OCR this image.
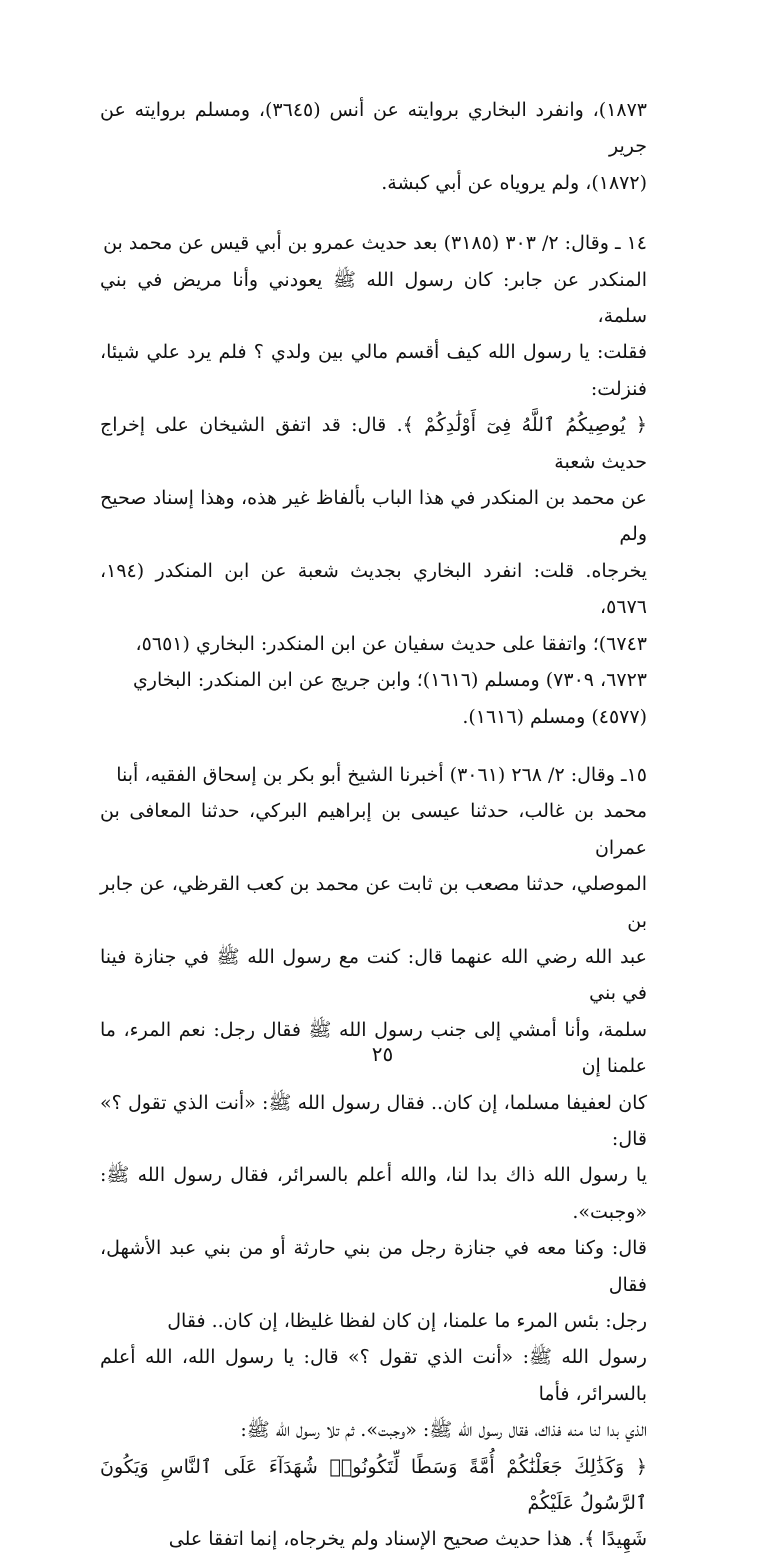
١٨٧٣)، وانفرد البخاري بروايته عن أنس (٣٦٤٥)، ومسلم بروايته عن جرير

(١٨٧٢)، ولم يروياه عن أبي كبشة.

١٤ ـ وقال: ٢/ ٣٠٣ (٣١٨٥) بعد حديث عمرو بن أبي قيس عن محمد بن

المنكدر عن جابر: كان رسول الله ﷺ يعودني وأنا مريض في بني سلمة،

فقلت: يا رسول الله كيف أقسم مالي بين ولدي ؟ فلم يرد علي شيئا، فنزلت:

﴿ يُوصِيكُمُ ٱللَّهُ فِىٓ أَوْلَٰدِكُمْ ﴾. قال: قد اتفق الشيخان على إخراج حديث شعبة

عن محمد بن المنكدر في هذا الباب بألفاظ غير هذه، وهذا إسناد صحيح ولم

يخرجاه. قلت: انفرد البخاري بجديث شعبة عن ابن المنكدر (١٩٤، ٥٦٧٦،

٦٧٤٣)؛ واتفقا على حديث سفيان عن ابن المنكدر: البخاري (٥٦٥١،

٦٧٢٣، ٧٣٠٩) ومسلم (١٦١٦)؛ وابن جريج عن ابن المنكدر: البخاري

(٤٥٧٧) ومسلم (١٦١٦).

١٥ـ وقال: ٢/ ٢٦٨ (٣٠٦١) أخبرنا الشيخ أبو بكر بن إسحاق الفقيه، أبنا

محمد بن غالب، حدثنا عيسى بن إبراهيم البركي، حدثنا المعافى بن عمران

الموصلي، حدثنا مصعب بن ثابت عن محمد بن كعب القرظي، عن جابر بن

عبد الله رضي الله عنهما قال: كنت مع رسول الله ﷺ في جنازة فينا في بني

سلمة، وأنا أمشي إلى جنب رسول الله ﷺ فقال رجل: نعم المرء، ما علمنا إن

كان لعفيفا مسلما، إن كان.. فقال رسول الله ﷺ: «أنت الذي تقول ؟» قال:

يا رسول الله ذاك بدا لنا، والله أعلم بالسرائر، فقال رسول الله ﷺ: «وجبت».

قال: وكنا معه في جنازة رجل من بني حارثة أو من بني عبد الأشهل، فقال

رجل: بئس المرء ما علمنا، إن كان لفظا غليظا، إن كان.. فقال

رسول الله ﷺ: «أنت الذي تقول ؟» قال: يا رسول الله، الله أعلم بالسرائر، فأما

الذي بدا لنا منه فذاك، فقال رسول الله ﷺ: «وجبت». ثم تلا رسول الله ﷺ:

﴿ وَكَذَٰلِكَ جَعَلْنَٰكُمْ أُمَّةً وَسَطًا لِّتَكُونُوا۟ شُهَدَآءَ عَلَى ٱلنَّاسِ وَيَكُونَ ٱلرَّسُولُ عَلَيْكُمْ

شَهِيدًا ﴾. هذا حديث صحيح الإسناد ولم يخرجاه، إنما اتفقا على

٢٥
